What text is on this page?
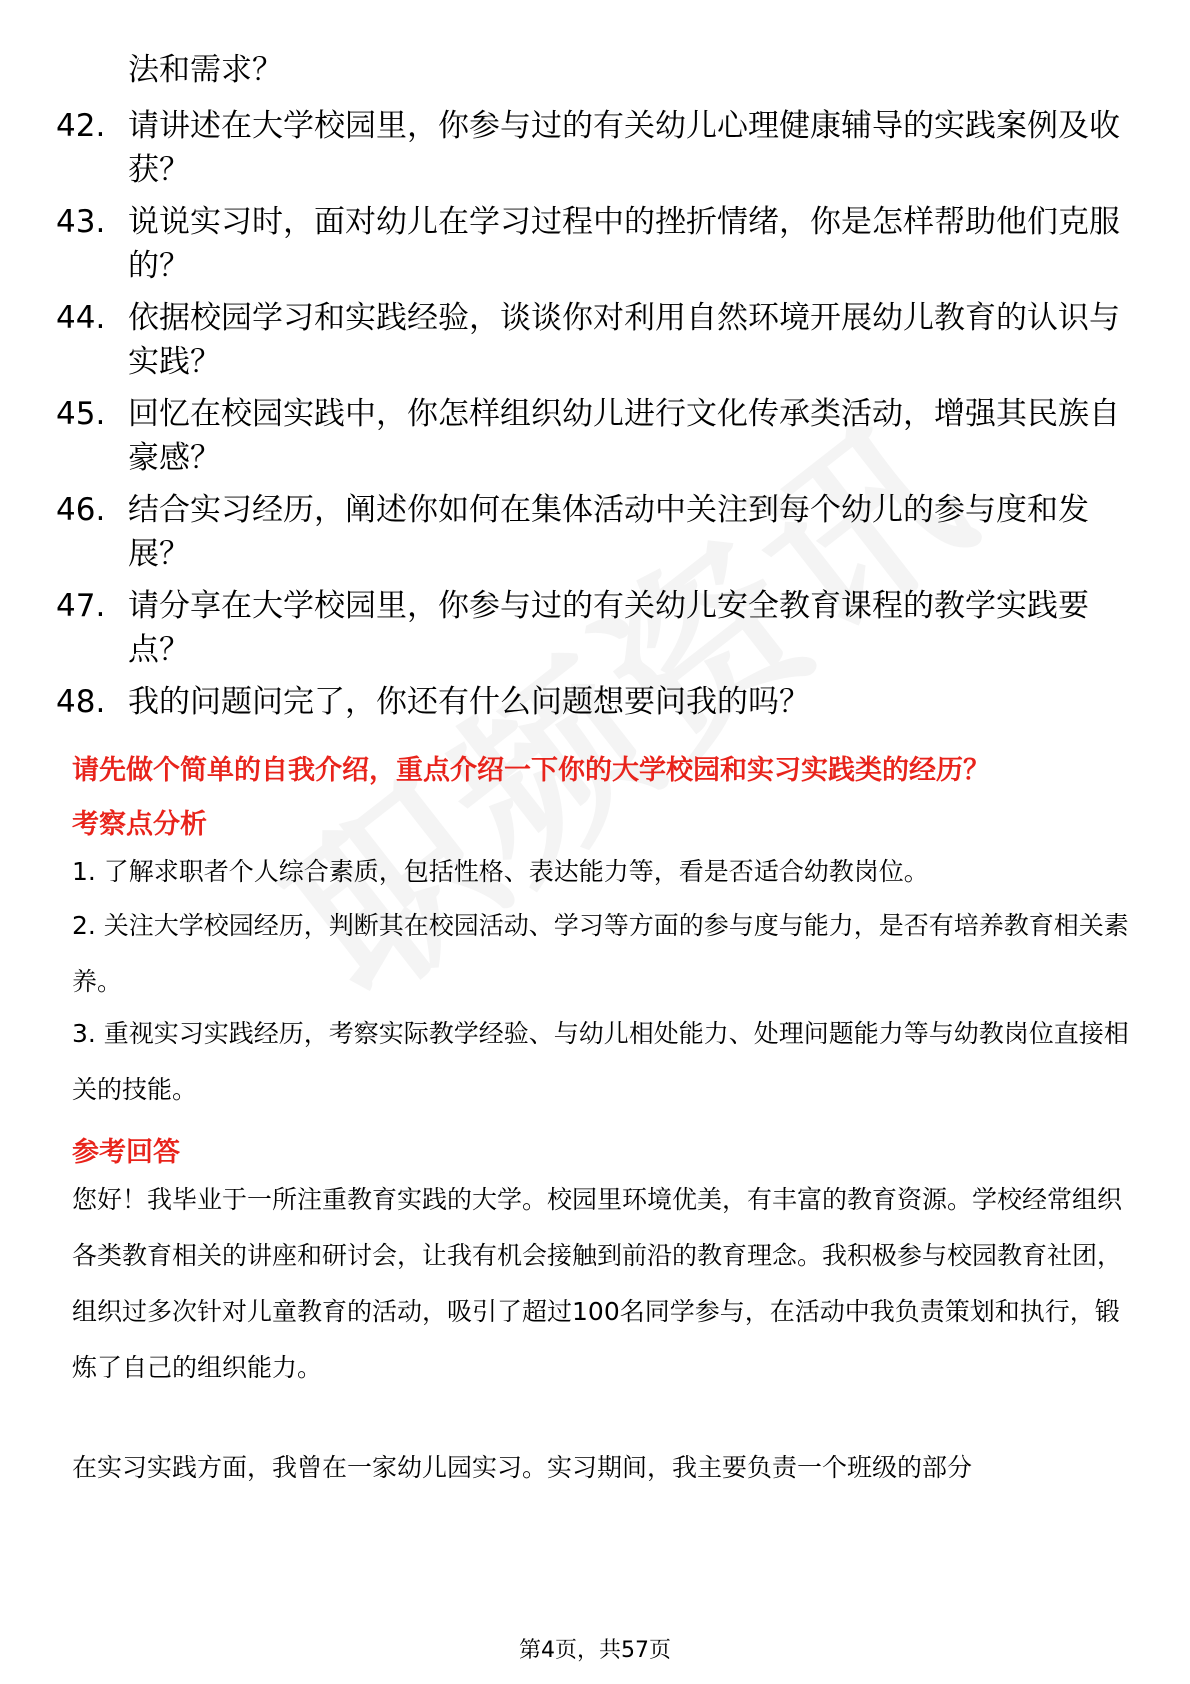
法和需求？
42. 请讲述在大学校园里，你参与过的有关幼儿心理健康辅导的实践案例及收获？
43. 说说实习时，面对幼儿在学习过程中的挫折情绪，你是怎样帮助他们克服的？
44. 依据校园学习和实践经验，谈谈你对利用自然环境开展幼儿教育的认识与实践？
45. 回忆在校园实践中，你怎样组织幼儿进行文化传承类活动，增强其民族自豪感？
46. 结合实习经历，阐述你如何在集体活动中关注到每个幼儿的参与度和发展？
47. 请分享在大学校园里，你参与过的有关幼儿安全教育课程的教学实践要点？
48. 我的问题问完了，你还有什么问题想要问我的吗？
请先做个简单的自我介绍，重点介绍一下你的大学校园和实习实践类的经历？
考察点分析
1. 了解求职者个人综合素质，包括性格、表达能力等，看是否适合幼教岗位。
2. 关注大学校园经历，判断其在校园活动、学习等方面的参与度与能力，是否有培养教育相关素养。
3. 重视实习实践经历，考察实际教学经验、与幼儿相处能力、处理问题能力等与幼教岗位直接相关的技能。
参考回答
您好！我毕业于一所注重教育实践的大学。校园里环境优美，有丰富的教育资源。学校经常组织各类教育相关的讲座和研讨会，让我有机会接触到前沿的教育理念。我积极参与校园教育社团，组织过多次针对儿童教育的活动，吸引了超过100名同学参与，在活动中我负责策划和执行，锻炼了自己的组织能力。
在实习实践方面，我曾在一家幼儿园实习。实习期间，我主要负责一个班级的部分
第4页，共57页
